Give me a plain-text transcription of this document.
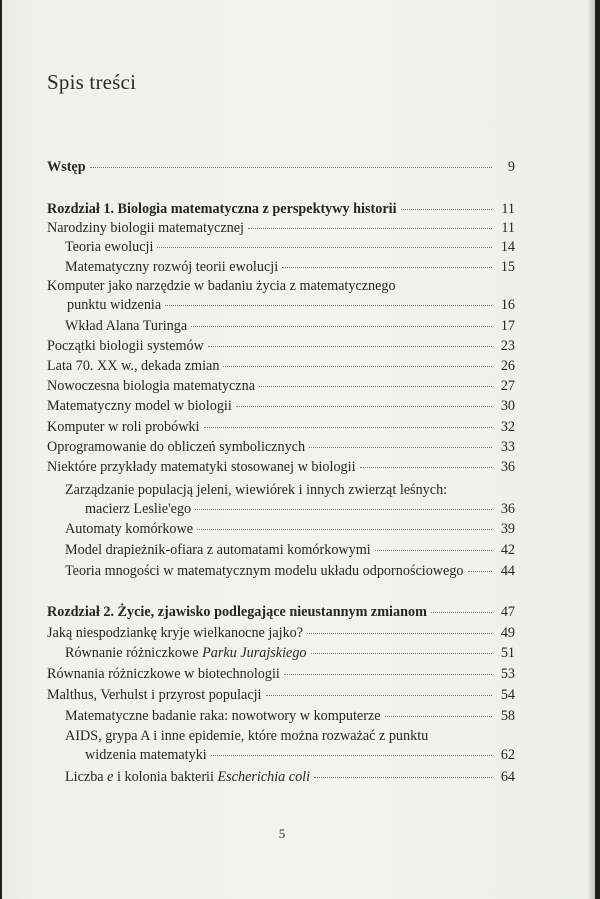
Spis treści
Wstęp	9
Rozdział 1. Biologia matematyczna z perspektywy historii	11
Narodziny biologii matematycznej	11
Teoria ewolucji	14
Matematyczny rozwój teorii ewolucji	15
Komputer jako narzędzie w badaniu życia z matematycznego
punktu widzenia	16
Wkład Alana Turinga	17
Początki biologii systemów	23
Lata 70. XX w., dekada zmian	26
Nowoczesna biologia matematyczna	27
Matematyczny model w biologii	30
Komputer w roli probówki	32
Oprogramowanie do obliczeń symbolicznych	33
Niektóre przykłady matematyki stosowanej w biologii	36
Zarządzanie populacją jeleni, wiewiórek i innych zwierząt leśnych:
macierz Leslie'ego	36
Automaty komórkowe	39
Model drapieżnik-ofiara z automatami komórkowymi	42
Teoria mnogości w matematycznym modelu układu odpornościowego	44
Rozdział 2. Życie, zjawisko podlegające nieustannym zmianom	47
Jaką niespodziankę kryje wielkanocne jajko?	49
Równanie różniczkowe Parku Jurajskiego	51
Równania różniczkowe w biotechnologii	53
Malthus, Verhulst i przyrost populacji	54
Matematyczne badanie raka: nowotwory w komputerze	58
AIDS, grypa A i inne epidemie, które można rozważać z punktu
widzenia matematyki	62
Liczba e i kolonia bakterii Escherichia coli	64
5
